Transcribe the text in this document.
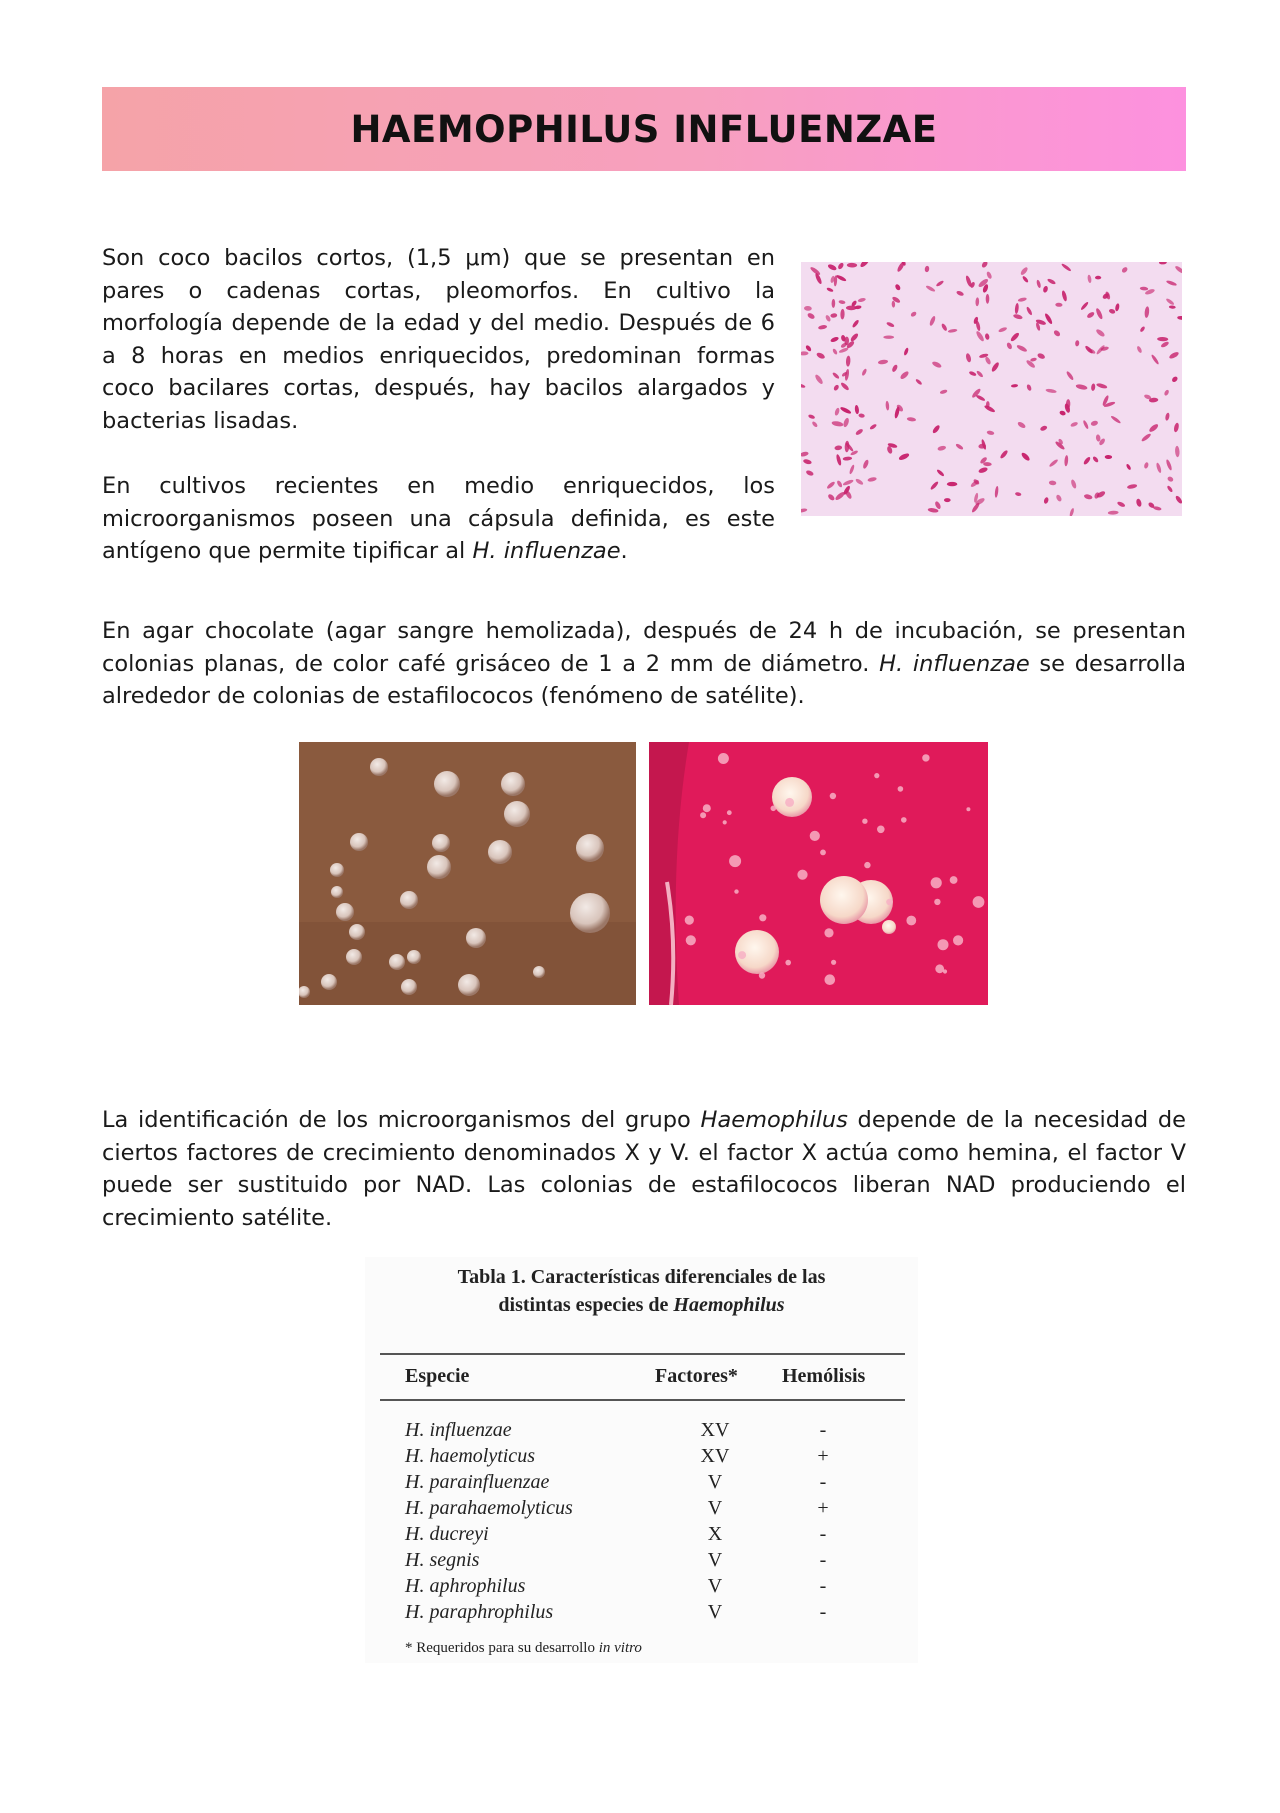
HAEMOPHILUS INFLUENZAE

Son coco bacilos cortos, (1,5 μm) que se presentan en pares o cadenas cortas, pleomorfos. En cultivo la morfología depende de la edad y del medio. Después de 6 a 8 horas en medios enriquecidos, predominan formas coco bacilares cortas, después, hay bacilos alargados y bacterias lisadas.

En cultivos recientes en medio enriquecidos, los microorganismos poseen una cápsula definida, es este antígeno que permite tipificar al H. influenzae.

En agar chocolate (agar sangre hemolizada), después de 24 h de incubación, se presentan colonias planas, de color café grisáceo de 1 a 2 mm de diámetro. H. influenzae se desarrolla alrededor de colonias de estafilococos (fenómeno de satélite).

La identificación de los microorganismos del grupo Haemophilus depende de la necesidad de ciertos factores de crecimiento denominados X y V. el factor X actúa como hemina, el factor V puede ser sustituido por NAD. Las colonias de estafilococos liberan NAD produciendo el crecimiento satélite.

Tabla 1. Características diferenciales de las
distintas especies de Haemophilus
Especie	Factores* Hemólisis
H. influenzae	XV	-
H. haemolyticus	XV	+
H. parainfluenzae	V	-
H. parahaemolyticus	V	+
H. ducreyi	X	-
H. segnis	V	-
H. aphrophilus	V	-
H. paraphrophilus	V	-
* Requeridos para su desarrollo in vitro
